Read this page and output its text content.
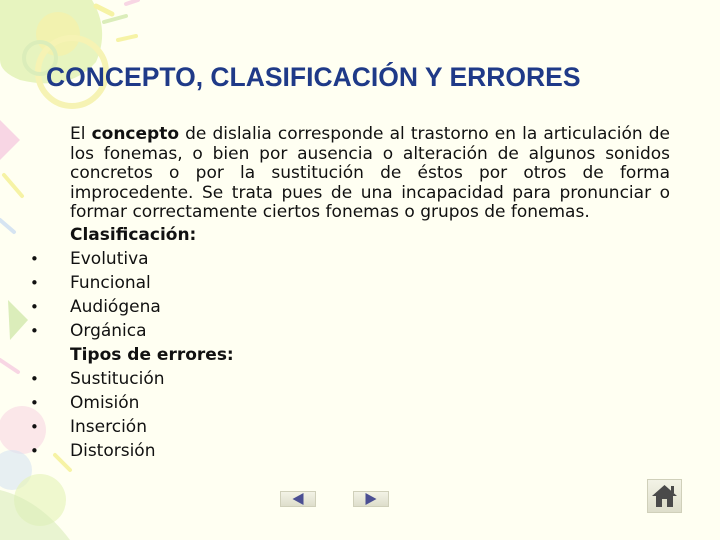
CONCEPTO, CLASIFICACIÓN Y ERRORES
El concepto de dislalia corresponde al trastorno en la articulación de los fonemas, o bien por ausencia o alteración de algunos sonidos concretos o por la sustitución de éstos por otros de forma improcedente. Se trata pues de una incapacidad para pronunciar o formar correctamente ciertos fonemas o grupos de fonemas.
Clasificación:
• Evolutiva
• Funcional
• Audiógena
• Orgánica
Tipos de errores:
• Sustitución
• Omisión
• Inserción
• Distorsión
